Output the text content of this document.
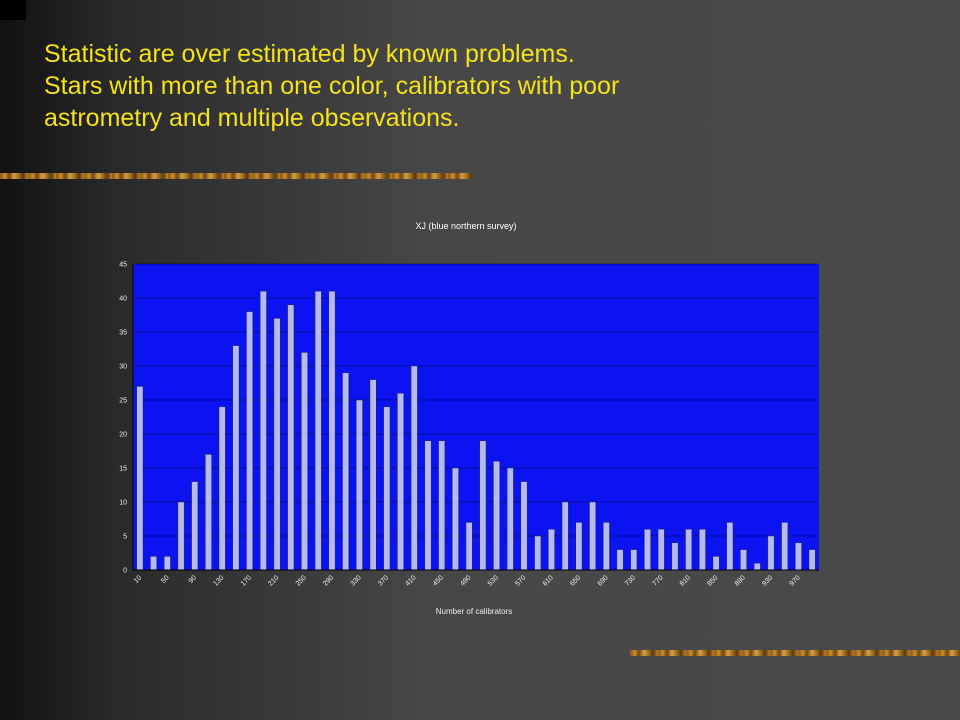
Statistic are over estimated by known problems.
Stars with more than one color, calibrators with poor
astrometry and multiple observations.
XJ (blue northern survey)
0
5
10
15
20
25
30
35
40
45
10 50 90 130 170 210 250 290 330 370 410 450 490 530 570 610 650 690 730 770 810 850 890 930 970
Number of calibrators
